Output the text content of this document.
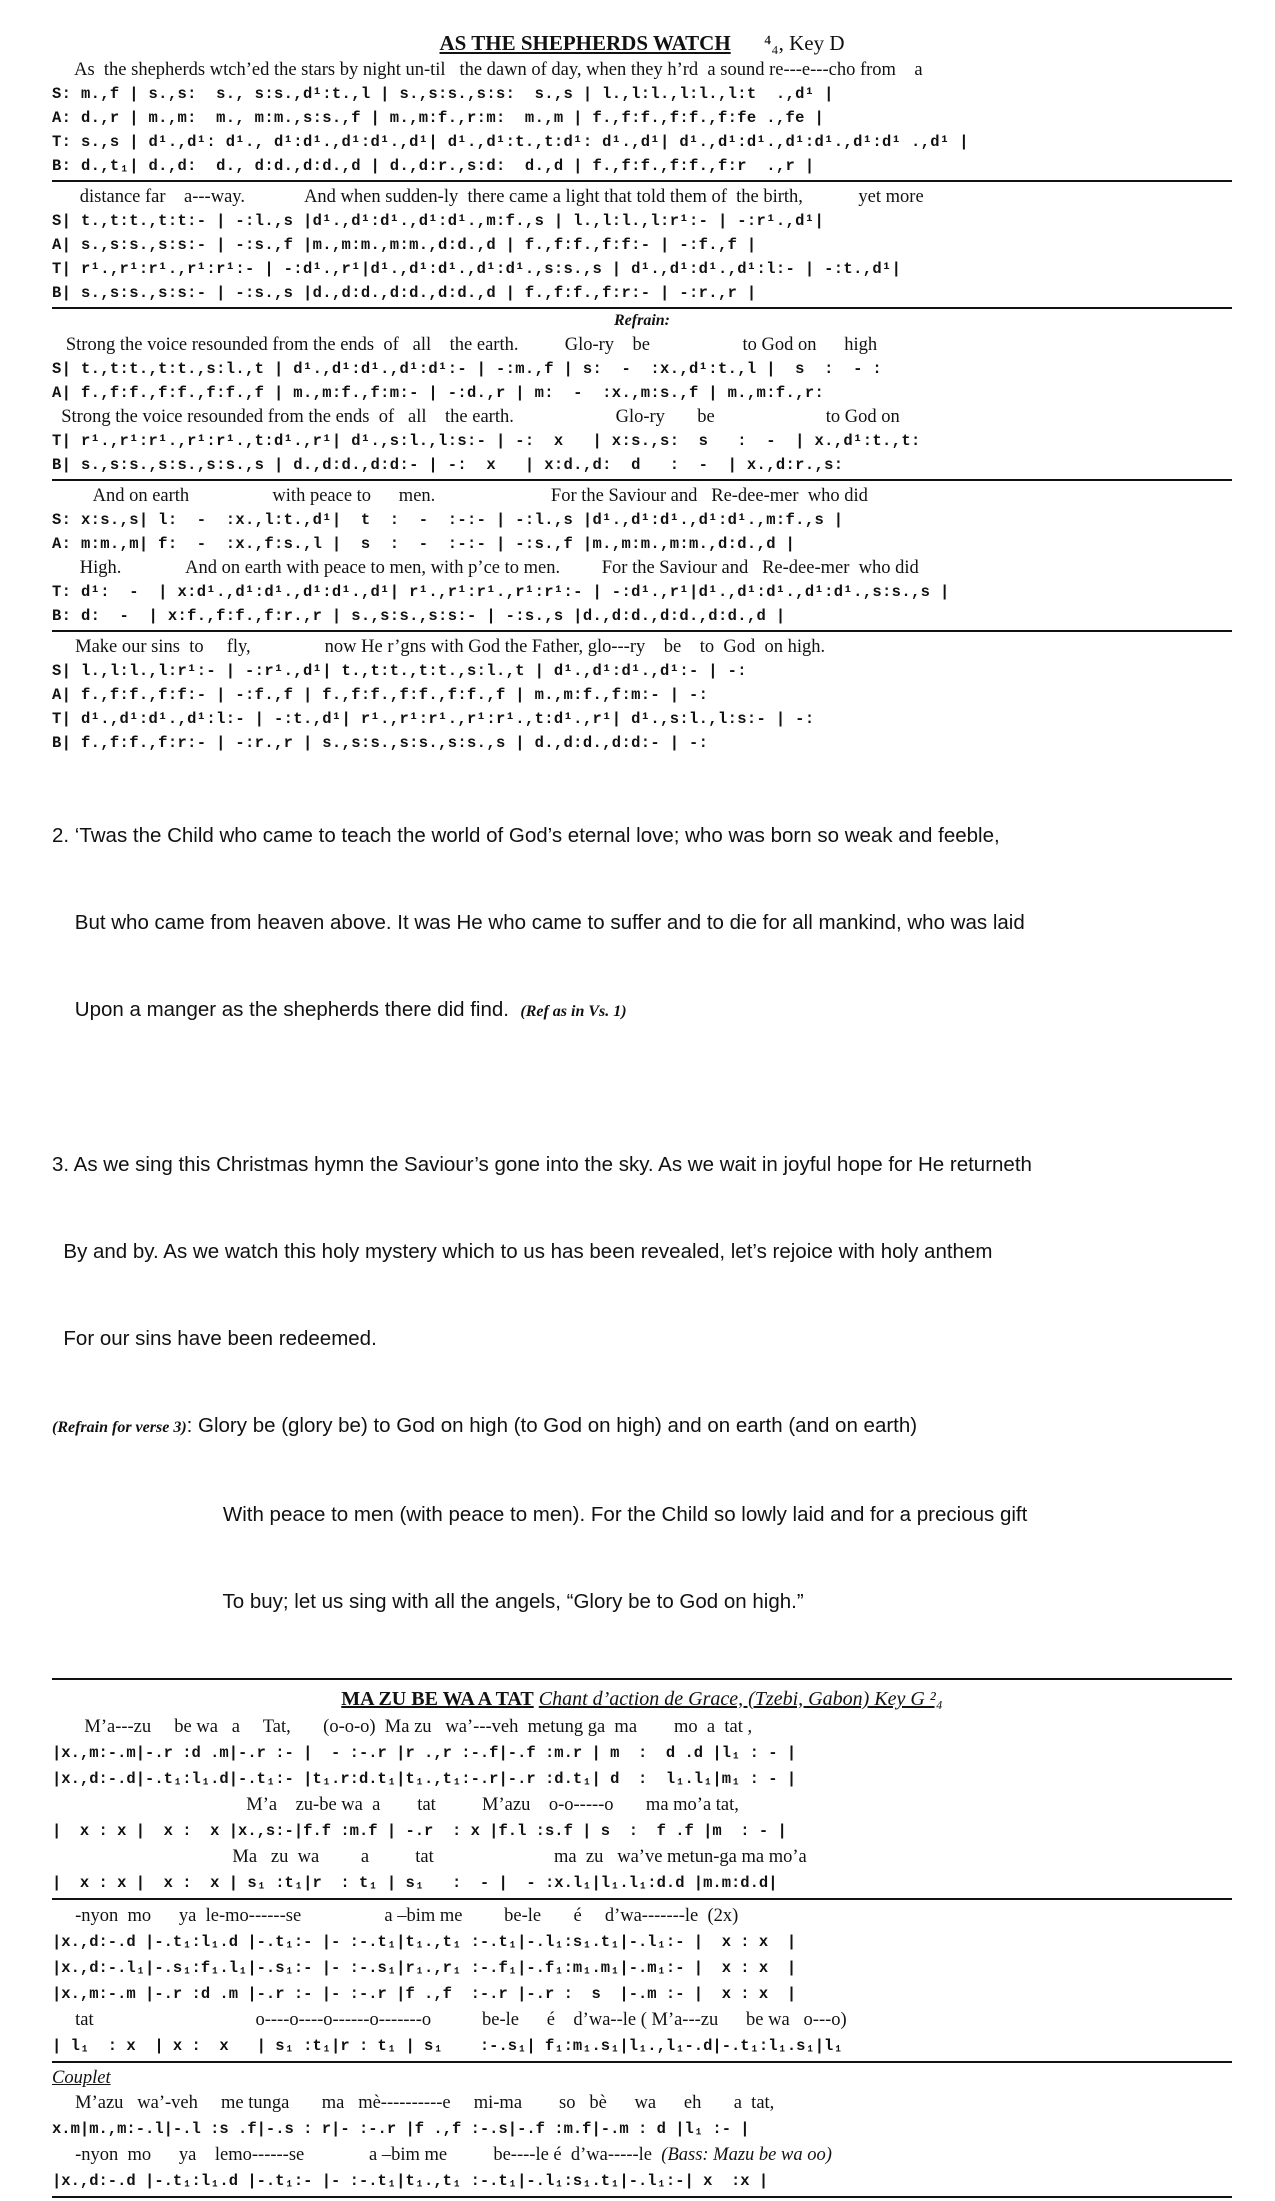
AS THE SHEPHERDS WATCH ⁴₄, Key D
As  the shepherds wtch’ed the stars by night un-til   the dawn of day, when they h’rd  a sound re---e---cho from    a
S: m.,f | s.,s:  s., s:s.,d¹:t.,l | s.,s:s.,s:s:  s.,s | l.,l:l.,l:l.,l:t  .,d¹ |
A: d.,r | m.,m:  m., m:m.,s:s.,f | m.,m:f.,r:m:  m.,m | f.,f:f.,f:f.,f:fe .,fe |
T: s.,s | d¹.,d¹: d¹., d¹:d¹.,d¹:d¹.,d¹| d¹.,d¹:t.,t:d¹: d¹.,d¹| d¹.,d¹:d¹.,d¹:d¹.,d¹:d¹ .,d¹ |
B: d.,t₁| d.,d:  d., d:d.,d:d.,d | d.,d:r.,s:d:  d.,d | f.,f:f.,f:f.,f:r  .,r |
distance far    a---way.             And when sudden-ly  there came a light that told them of  the birth,            yet more
S| t.,t:t.,t:t:- | -:l.,s |d¹.,d¹:d¹.,d¹:d¹.,m:f.,s | l.,l:l.,l:r¹:- | -:r¹.,d¹|
A| s.,s:s.,s:s:- | -:s.,f |m.,m:m.,m:m.,d:d.,d | f.,f:f.,f:f:- | -:f.,f |
T| r¹.,r¹:r¹.,r¹:r¹:- | -:d¹.,r¹|d¹.,d¹:d¹.,d¹:d¹.,s:s.,s | d¹.,d¹:d¹.,d¹:l:- | -:t.,d¹|
B| s.,s:s.,s:s:- | -:s.,s |d.,d:d.,d:d.,d:d.,d | f.,f:f.,f:r:- | -:r.,r |
Refrain:
Strong the voice resounded from the ends  of   all    the earth.          Glo-ry    be                    to God on      high
S| t.,t:t.,t:t.,s:l.,t | d¹.,d¹:d¹.,d¹:d¹:- | -:m.,f | s:  -  :x.,d¹:t.,l |  s  :  - :
A| f.,f:f.,f:f.,f:f.,f | m.,m:f.,f:m:- | -:d.,r | m:  -  :x.,m:s.,f | m.,m:f.,r:
Strong the voice resounded from the ends  of   all    the earth.                      Glo-ry       be                        to God on
T| r¹.,r¹:r¹.,r¹:r¹.,t:d¹.,r¹| d¹.,s:l.,l:s:- | -:  x   | x:s.,s:  s   :  -  | x.,d¹:t.,t:
B| s.,s:s.,s:s.,s:s.,s | d.,d:d.,d:d:- | -:  x   | x:d.,d:  d   :  -  | x.,d:r.,s:
And on earth                  with peace to      men.                         For the Saviour and   Re-dee-mer  who did
S: x:s.,s| l:  -  :x.,l:t.,d¹|  t  :  -  :-:- | -:l.,s |d¹.,d¹:d¹.,d¹:d¹.,m:f.,s |
A: m:m.,m| f:  -  :x.,f:s.,l |  s  :  -  :-:- | -:s.,f |m.,m:m.,m:m.,d:d.,d |
High.              And on earth with peace to men, with p’ce to men.         For the Saviour and   Re-dee-mer  who did
T: d¹:  -  | x:d¹.,d¹:d¹.,d¹:d¹.,d¹| r¹.,r¹:r¹.,r¹:r¹:- | -:d¹.,r¹|d¹.,d¹:d¹.,d¹:d¹.,s:s.,s |
B: d:  -  | x:f.,f:f.,f:r.,r | s.,s:s.,s:s:- | -:s.,s |d.,d:d.,d:d.,d:d.,d |
Make our sins  to     fly,                now He r’gns with God the Father, glo---ry    be    to  God  on high.
S| l.,l:l.,l:r¹:- | -:r¹.,d¹| t.,t:t.,t:t.,s:l.,t | d¹.,d¹:d¹.,d¹:- | -:
A| f.,f:f.,f:f:- | -:f.,f | f.,f:f.,f:f.,f:f.,f | m.,m:f.,f:m:- | -:
T| d¹.,d¹:d¹.,d¹:l:- | -:t.,d¹| r¹.,r¹:r¹.,r¹:r¹.,t:d¹.,r¹| d¹.,s:l.,l:s:- | -:
B| f.,f:f.,f:r:- | -:r.,r | s.,s:s.,s:s.,s:s.,s | d.,d:d.,d:d:- | -:

2. ‘Twas the Child who came to teach the world of God’s eternal love; who was born so weak and feeble,

But who came from heaven above. It was He who came to suffer and to die for all mankind, who was laid

Upon a manger as the shepherds there did find.  (Ref as in Vs. 1)

3. As we sing this Christmas hymn the Saviour’s gone into the sky. As we wait in joyful hope for He returneth

By and by. As we watch this holy mystery which to us has been revealed, let’s rejoice with holy anthem

For our sins have been redeemed.

(Refrain for verse 3): Glory be (glory be) to God on high (to God on high) and on earth (and on earth)

With peace to men (with peace to men). For the Child so lowly laid and for a precious gift

To buy; let us sing with all the angels, “Glory be to God on high.”

MA ZU BE WA A TAT Chant d’action de Grace, (Tzebi, Gabon) Key G ²₄
M’a---zu     be wa   a     Tat,       (o-o-o)  Ma zu   wa’---veh  metung ga  ma        mo  a  tat ,
|x.,m:-.m|-.r :d .m|-.r :- |  - :-.r |r .,r :-.f|-.f :m.r | m  :  d .d |l₁ : - |
|x.,d:-.d|-.t₁:l₁.d|-.t₁:- |t₁.r:d.t₁|t₁.,t₁:-.r|-.r :d.t₁| d  :  l₁.l₁|m₁ : - |
M’a    zu-be wa  a        tat          M’azu    o-o-----o       ma mo’a tat,
|  x : x |  x :  x |x.,s:-|f.f :m.f | -.r  : x |f.l :s.f | s  :  f .f |m  : - |
Ma   zu  wa         a          tat                          ma  zu   wa’ve metun-ga ma mo’a
|  x : x |  x :  x | s₁ :t₁|r  : t₁ | s₁   :  - |  - :x.l₁|l₁.l₁:d.d |m.m:d.d|
-nyon  mo      ya  le-mo------se                  a –bim me         be-le       é     d’wa-------le  (2x)
|x.,d:-.d |-.t₁:l₁.d |-.t₁:- |- :-.t₁|t₁.,t₁ :-.t₁|-.l₁:s₁.t₁|-.l₁:- |  x : x  |
|x.,d:-.l₁|-.s₁:f₁.l₁|-.s₁:- |- :-.s₁|r₁.,r₁ :-.f₁|-.f₁:m₁.m₁|-.m₁:- |  x : x  |
|x.,m:-.m |-.r :d .m |-.r :- |- :-.r |f .,f  :-.r |-.r :  s  |-.m :- |  x : x  |
tat                                   o----o----o------o-------o           be-le      é    d’wa--le ( M’a---zu      be wa   o---o)
| l₁  : x  | x :  x   | s₁ :t₁|r : t₁ | s₁    :-.s₁| f₁:m₁.s₁|l₁.,l₁-.d|-.t₁:l₁.s₁|l₁
Couplet
M’azu   wa’-veh     me tunga       ma   mè----------e     mi-ma        so   bè      wa      eh       a  tat,
x.m|m.,m:-.l|-.l :s .f|-.s : r|- :-.r |f .,f :-.s|-.f :m.f|-.m : d |l₁ :- |
-nyon  mo      ya    lemo------se              a –bim me          be----le é  d’wa-----le  (Bass: Mazu be wa oo)
|x.,d:-.d |-.t₁:l₁.d |-.t₁:- |- :-.t₁|t₁.,t₁ :-.t₁|-.l₁:s₁.t₁|-.l₁:-| x  :x |
